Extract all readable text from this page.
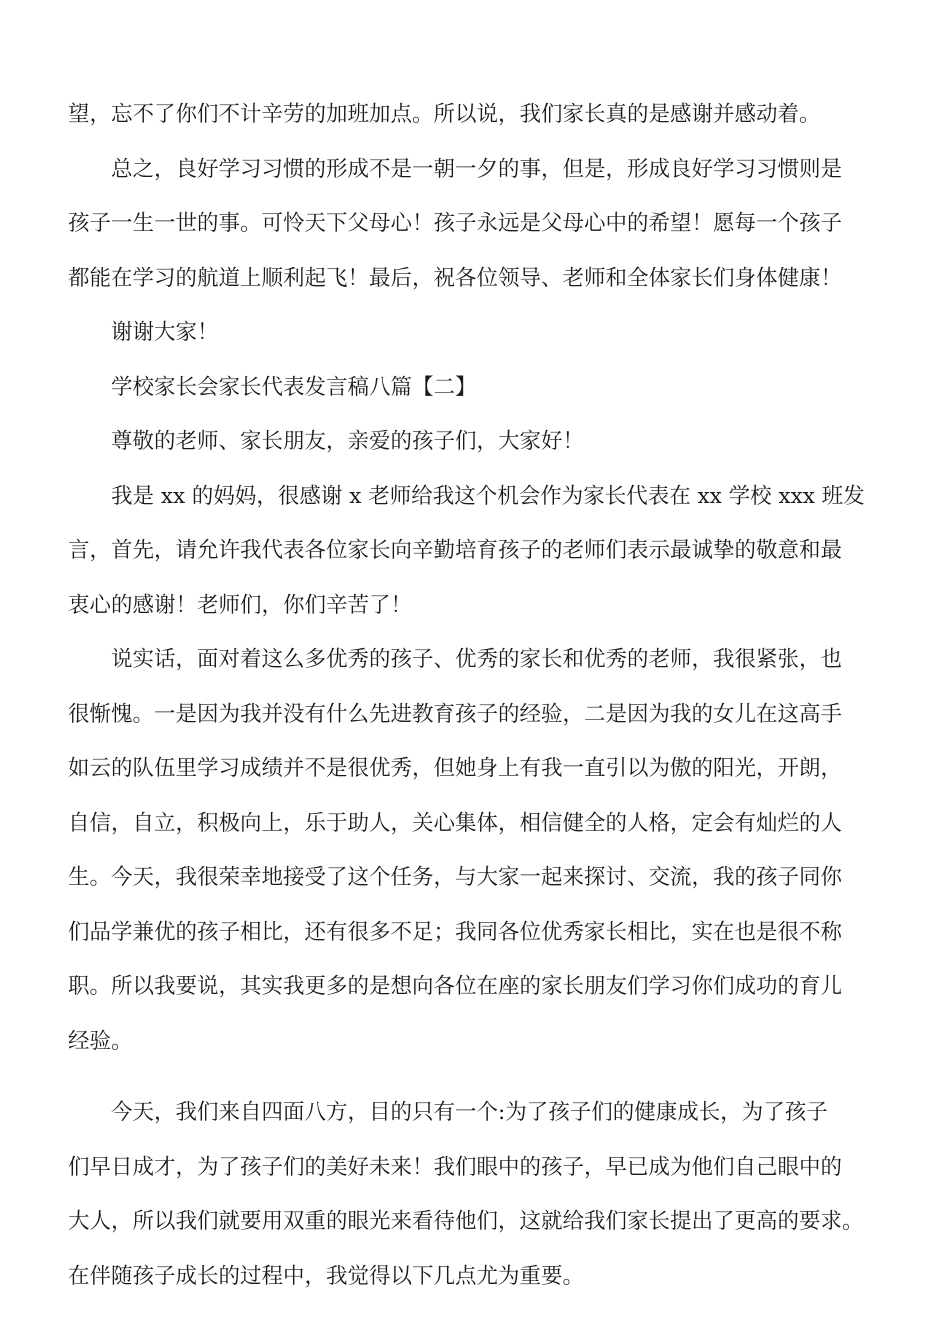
望，忘不了你们不计辛劳的加班加点。所以说，我们家长真的是感谢并感动着。
总之，良好学习习惯的形成不是一朝一夕的事，但是，形成良好学习习惯则是
孩子一生一世的事。可怜天下父母心！孩子永远是父母心中的希望！愿每一个孩子
都能在学习的航道上顺利起飞！最后，祝各位领导、老师和全体家长们身体健康！
谢谢大家！
学校家长会家长代表发言稿八篇【二】
尊敬的老师、家长朋友，亲爱的孩子们，大家好！
我是 xx 的妈妈，很感谢 x 老师给我这个机会作为家长代表在 xx 学校 xxx 班发
言，首先，请允许我代表各位家长向辛勤培育孩子的老师们表示最诚挚的敬意和最
衷心的感谢！老师们，你们辛苦了！
说实话，面对着这么多优秀的孩子、优秀的家长和优秀的老师，我很紧张，也
很惭愧。一是因为我并没有什么先进教育孩子的经验，二是因为我的女儿在这高手
如云的队伍里学习成绩并不是很优秀，但她身上有我一直引以为傲的阳光，开朗，
自信，自立，积极向上，乐于助人，关心集体，相信健全的人格，定会有灿烂的人
生。今天，我很荣幸地接受了这个任务，与大家一起来探讨、交流，我的孩子同你
们品学兼优的孩子相比，还有很多不足；我同各位优秀家长相比，实在也是很不称
职。所以我要说，其实我更多的是想向各位在座的家长朋友们学习你们成功的育儿
经验。
今天，我们来自四面八方，目的只有一个:为了孩子们的健康成长，为了孩子
们早日成才，为了孩子们的美好未来！我们眼中的孩子，早已成为他们自己眼中的
大人，所以我们就要用双重的眼光来看待他们，这就给我们家长提出了更高的要求。
在伴随孩子成长的过程中，我觉得以下几点尤为重要。
